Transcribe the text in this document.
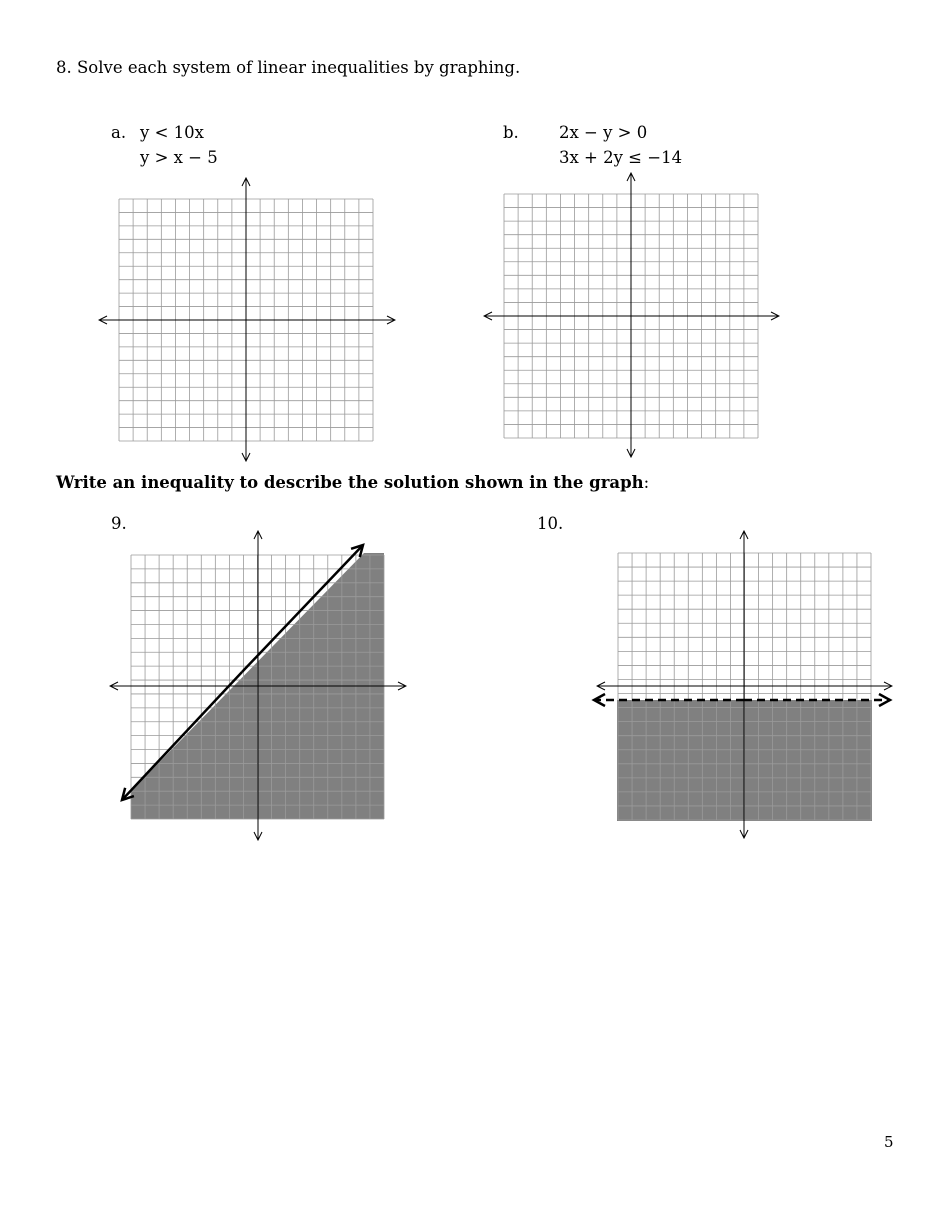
8. Solve each system of linear inequalities by graphing.
a. y < 10x
y > x − 5
b. 2x − y > 0
3x + 2y ≤ −14
Write an inequality to describe the solution shown in the graph:
9.	10.
5
